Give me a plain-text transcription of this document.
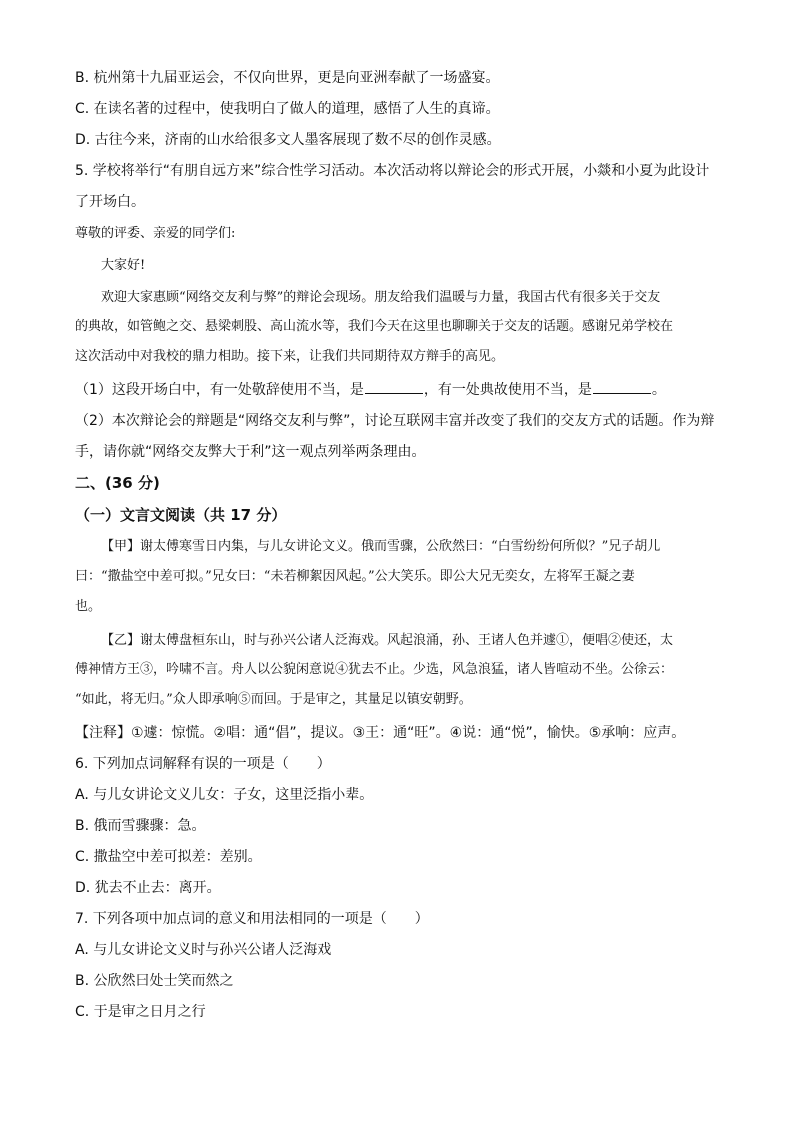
B. 杭州第十九届亚运会，不仅向世界，更是向亚洲奉献了一场盛宴。
C. 在读名著的过程中，使我明白了做人的道理，感悟了人生的真谛。
D. 古往今来，济南的山水给很多文人墨客展现了数不尽的创作灵感。
5. 学校将举行“有朋自远方来”综合性学习活动。本次活动将以辩论会的形式开展，小燚和小夏为此设计
了开场白。
尊敬的评委、亲爱的同学们:
大家好!
欢迎大家惠顾“网络交友利与弊”的辩论会现场。朋友给我们温暖与力量，我国古代有很多关于交友
的典故，如管鲍之交、悬梁刺股、高山流水等，我们今天在这里也聊聊关于交友的话题。感谢兄弟学校在
这次活动中对我校的鼎力相助。接下来，让我们共同期待双方辩手的高见。
（1）这段开场白中，有一处敬辞使用不当，是	，有一处典故使用不当，是	。
（2）本次辩论会的辩题是“网络交友利与弊”，讨论互联网丰富并改变了我们的交友方式的话题。作为辩
手，请你就“网络交友弊大于利”这一观点列举两条理由。
二、(36 分)
（一）文言文阅读（共 17 分）
【甲】谢太傅寒雪日内集，与儿女讲论文义。俄而雪骤，公欣然曰：“白雪纷纷何所似？”兄子胡儿
曰：“撒盐空中差可拟。”兄女曰：“未若柳絮因风起。”公大笑乐。即公大兄无奕女，左将军王凝之妻
也。
【乙】谢太傅盘桓东山，时与孙兴公诸人泛海戏。风起浪涌，孙、王诸人色并遽①，便唱②使还，太
傅神情方王③，吟啸不言。舟人以公貌闲意说④犹去不止。少选，风急浪猛，诸人皆喧动不坐。公徐云：
“如此，将无归。”众人即承响⑤而回。于是审之，其量足以镇安朝野。
【注释】①遽：惊慌。②唱：通“倡”，提议。③王：通“旺”。④说：通“悦”，愉快。⑤承响：应声。
6. 下列加点词解释有误的一项是（　　）
A. 与儿女讲论文义儿女：子女，这里泛指小辈。
B. 俄而雪骤骤：急。
C. 撒盐空中差可拟差：差别。
D. 犹去不止去：离开。
7. 下列各项中加点词的意义和用法相同的一项是（　　）
A. 与儿女讲论文义时与孙兴公诸人泛海戏
B. 公欣然曰处士笑而然之
C. 于是审之日月之行
